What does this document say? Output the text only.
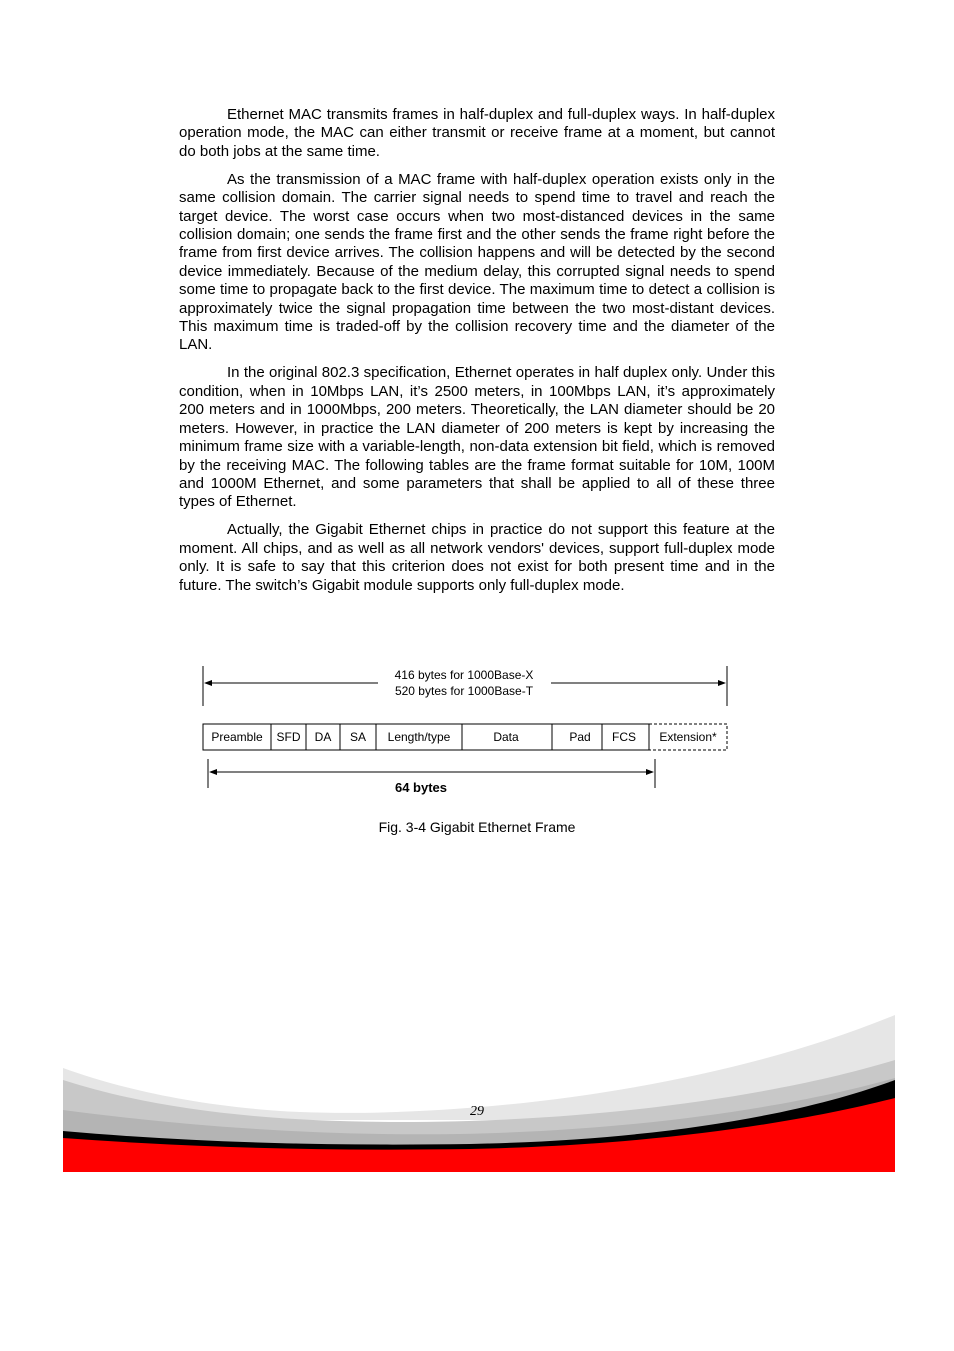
Ethernet MAC transmits frames in half-duplex and full-duplex ways. In half-duplex operation mode, the MAC can either transmit or receive frame at a moment, but cannot do both jobs at the same time.

As the transmission of a MAC frame with half-duplex operation exists only in the same collision domain. The carrier signal needs to spend time to travel and reach the target device. The worst case occurs when two most-distanced devices in the same collision domain; one sends the frame first and the other sends the frame right before the frame from first device arrives. The collision happens and will be detected by the second device immediately. Because of the medium delay, this corrupted signal needs to spend some time to propagate back to the first device. The maximum time to detect a collision is approximately twice the signal propagation time between the two most-distant devices. This maximum time is traded-off by the collision recovery time and the diameter of the LAN.

In the original 802.3 specification, Ethernet operates in half duplex only. Under this condition, when in 10Mbps LAN, it’s 2500 meters, in 100Mbps LAN, it’s approximately 200 meters and in 1000Mbps, 200 meters. Theoretically, the LAN diameter should be 20 meters. However, in practice the LAN diameter of 200 meters is kept by increasing the minimum frame size with a variable-length, non-data extension bit field, which is removed by the receiving MAC. The following tables are the frame format suitable for 10M, 100M and 1000M Ethernet, and some parameters that shall be applied to all of these three types of Ethernet.

Actually, the Gigabit Ethernet chips in practice do not support this feature at the moment. All chips, and as well as all network vendors' devices, support full-duplex mode only. It is safe to say that this criterion does not exist for both present time and in the future. The switch’s Gigabit module supports only full-duplex mode.

416 bytes for 1000Base-X
520 bytes for 1000Base-T
Preamble SFD DA SA Length/type	Data	Pad FCS Extension*
64 bytes
Fig. 3-4 Gigabit Ethernet Frame
29
